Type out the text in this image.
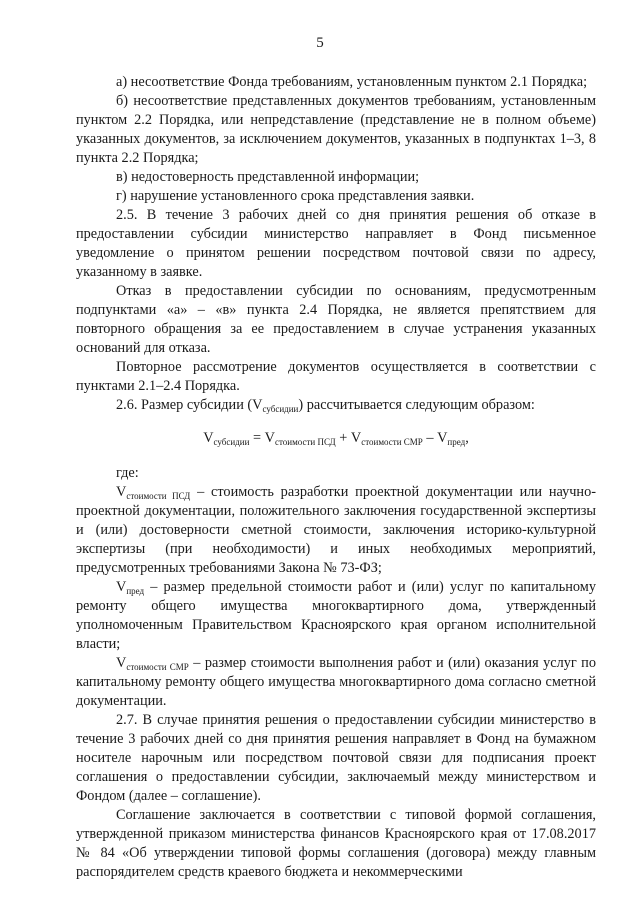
5

а) несоответствие Фонда требованиям, установленным пунктом 2.1 Порядка;

б) несоответствие представленных документов требованиям, установленным пунктом 2.2 Порядка, или непредставление (представление не в полном объеме) указанных документов, за исключением документов, указанных в подпунктах 1–3, 8 пункта 2.2 Порядка;

в) недостоверность представленной информации;

г) нарушение установленного срока представления заявки.

2.5. В течение 3 рабочих дней со дня принятия решения об отказе в предоставлении субсидии министерство направляет в Фонд письменное уведомление о принятом решении посредством почтовой связи по адресу, указанному в заявке.

Отказ в предоставлении субсидии по основаниям, предусмотренным подпунктами «а» – «в» пункта 2.4 Порядка, не является препятствием для повторного обращения за ее предоставлением в случае устранения указанных оснований для отказа.

Повторное рассмотрение документов осуществляется в соответствии с пунктами 2.1–2.4 Порядка.

2.6. Размер субсидии $(V_{субсидии})$ рассчитывается следующим образом:

$V_{субсидии} = V_{стоимости ПСД} + V_{стоимости СМР} - V_{пред}$,

где:

$V_{стоимости ПСД}$ – стоимость разработки проектной документации или научно-проектной документации, положительного заключения государственной экспертизы и (или) достоверности сметной стоимости, заключения историко-культурной экспертизы (при необходимости) и иных необходимых мероприятий, предусмотренных требованиями Закона № 73-ФЗ;

$V_{пред}$ – размер предельной стоимости работ и (или) услуг по капитальному ремонту общего имущества многоквартирного дома, утвержденный уполномоченным Правительством Красноярского края органом исполнительной власти;

$V_{стоимости СМР}$ – размер стоимости выполнения работ и (или) оказания услуг по капитальному ремонту общего имущества многоквартирного дома согласно сметной документации.

2.7. В случае принятия решения о предоставлении субсидии министерство в течение 3 рабочих дней со дня принятия решения направляет в Фонд на бумажном носителе нарочным или посредством почтовой связи для подписания проект соглашения о предоставлении субсидии, заключаемый между министерством и Фондом (далее – соглашение).

Соглашение заключается в соответствии с типовой формой соглашения, утвержденной приказом министерства финансов Красноярского края от 17.08.2017 № 84 «Об утверждении типовой формы соглашения (договора) между главным распорядителем средств краевого бюджета и некоммерческими
